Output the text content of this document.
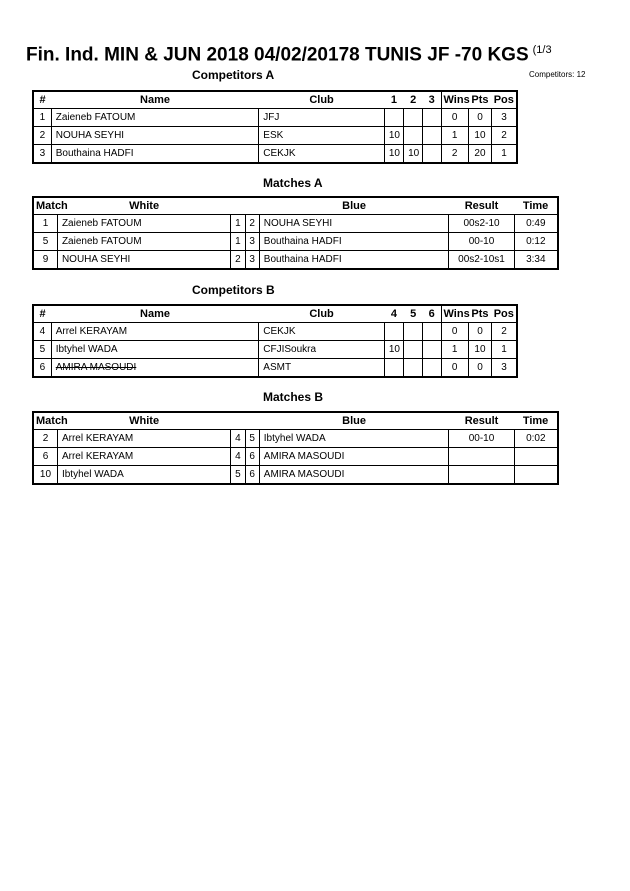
Fin. Ind. MIN & JUN 2018 04/02/20178 TUNIS JF -70 KGS $^{(1/3}$
Competitors: 12
Competitors A
#	Name	Club	1	2	3	Wins	Pts	Pos
1	Zaieneb FATOUM	JFJ				0	0	3
2	NOUHA SEYHI	ESK	10			1	10	2
3	Bouthaina HADFI	CEKJK	10	10		2	20	1
Matches A
Match	White			Blue	Result	Time
1	Zaieneb FATOUM	1	2	NOUHA SEYHI	00s2-10	0:49
5	Zaieneb FATOUM	1	3	Bouthaina HADFI	00-10	0:12
9	NOUHA SEYHI	2	3	Bouthaina HADFI	00s2-10s1	3:34
Competitors B
#	Name	Club	4	5	6	Wins	Pts	Pos
4	Arrel KERAYAM	CEKJK				0	0	2
5	Ibtyhel WADA	CFJISoukra	10			1	10	1
6	AMIRA MASOUDI	ASMT				0	0	3
Matches B
Match	White			Blue	Result	Time
2	Arrel KERAYAM	4	5	Ibtyhel WADA	00-10	0:02
6	Arrel KERAYAM	4	6	AMIRA MASOUDI		
10	Ibtyhel WADA	5	6	AMIRA MASOUDI		
